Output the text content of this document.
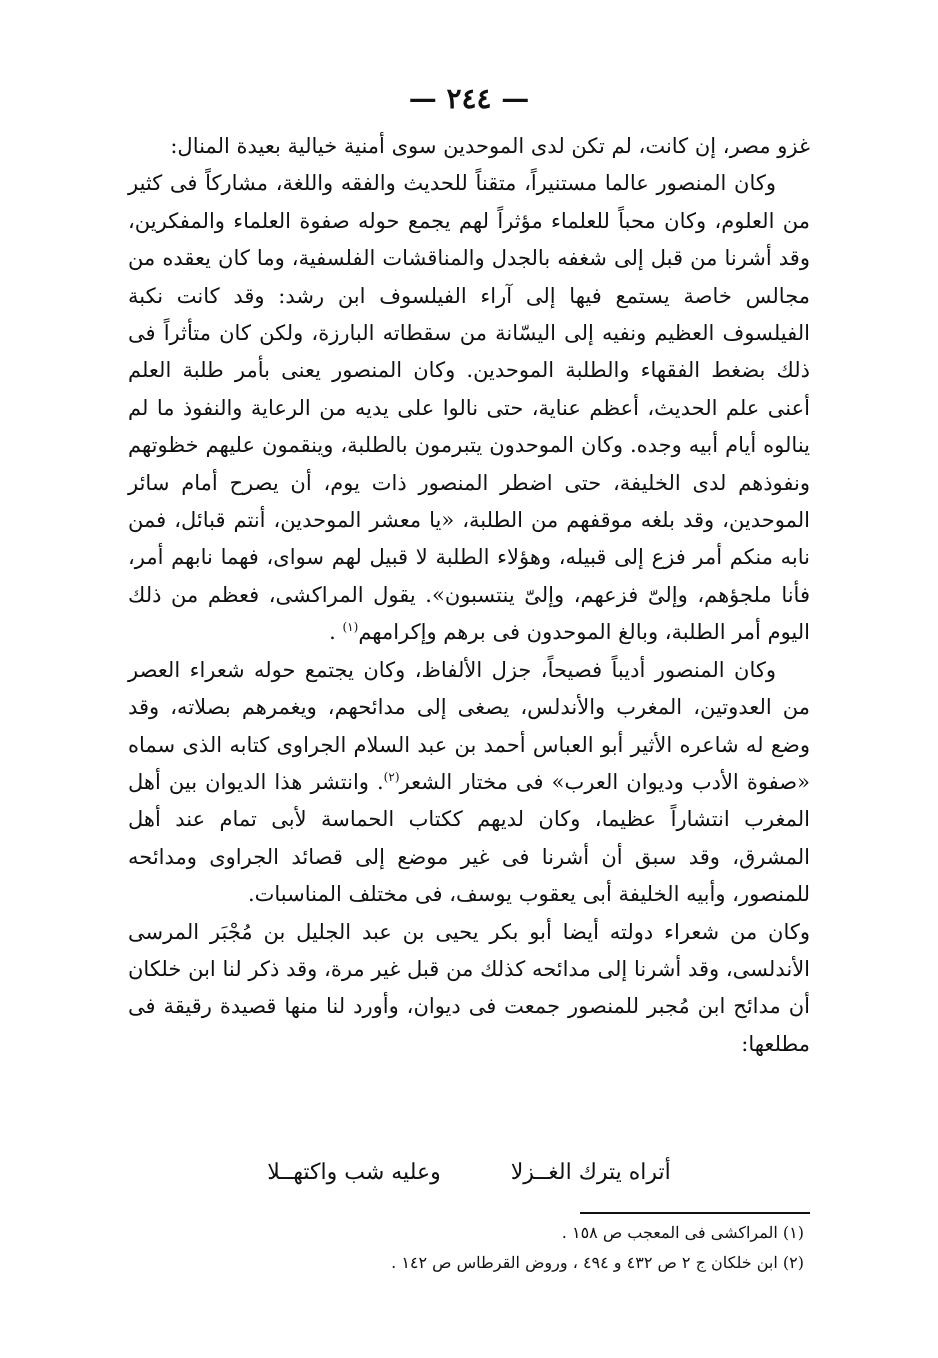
— ٢٤٤ —

غزو مصر، إن كانت، لم تكن لدى الموحدين سوى أمنية خيالية بعيدة المنال:

وكان المنصور عالما مستنيراً، متقناً للحديث والفقه واللغة، مشاركاً فى كثير من العلوم، وكان محباً للعلماء مؤثراً لهم يجمع حوله صفوة العلماء والمفكرين، وقد أشرنا من قبل إلى شغفه بالجدل والمناقشات الفلسفية، وما كان يعقده من مجالس خاصة يستمع فيها إلى آراء الفيلسوف ابن رشد: وقد كانت نكبة الفيلسوف العظيم ونفيه إلى اليسّانة من سقطاته البارزة، ولكن كان متأثراً فى ذلك بضغط الفقهاء والطلبة الموحدين. وكان المنصور يعنى بأمر طلبة العلم أعنى علم الحديث، أعظم عناية، حتى نالوا على يديه من الرعاية والنفوذ ما لم ينالوه أيام أبيه وجده. وكان الموحدون يتبرمون بالطلبة، وينقمون عليهم خظوتهم ونفوذهم لدى الخليفة، حتى اضطر المنصور ذات يوم، أن يصرح أمام سائر الموحدين، وقد بلغه موقفهم من الطلبة، «يا معشر الموحدين، أنتم قبائل، فمن نابه منكم أمر فزع إلى قبيله، وهؤلاء الطلبة لا قبيل لهم سواى، فهما نابهم أمر، فأنا ملجؤهم، وإلىّ فزعهم، وإلىّ ينتسبون». يقول المراكشى، فعظم من ذلك اليوم أمر الطلبة، وبالغ الموحدون فى برهم وإكرامهم$^{(١)}$ .

وكان المنصور أديباً فصيحاً، جزل الألفاظ، وكان يجتمع حوله شعراء العصر من العدوتين، المغرب والأندلس، يصغى إلى مدائحهم، ويغمرهم بصلاته، وقد وضع له شاعره الأثير أبو العباس أحمد بن عبد السلام الجراوى كتابه الذى سماه «صفوة الأدب وديوان العرب» فى مختار الشعر$^{(٢)}$. وانتشر هذا الديوان بين أهل المغرب انتشاراً عظيما، وكان لديهم ككتاب الحماسة لأبى تمام عند أهل المشرق، وقد سبق أن أشرنا فى غير موضع إلى قصائد الجراوى ومدائحه للمنصور، وأبيه الخليفة أبى يعقوب يوسف، فى مختلف المناسبات.

وكان من شعراء دولته أيضا أبو بكر يحيى بن عبد الجليل بن مُجْبَر المرسى الأندلسى، وقد أشرنا إلى مدائحه كذلك من قبل غير مرة، وقد ذكر لنا ابن خلكان أن مدائح ابن مُجبر للمنصور جمعت فى ديوان، وأورد لنا منها قصيدة رقيقة فى مطلعها:

أتراه يترك الغــزلا
وعليه شب واكتهــلا

(١) المراكشى فى المعجب ص ١٥٨ .

(٢) ابن خلكان ج ٢ ص ٤٣٢ و ٤٩٤ ، وروض القرطاس ص ١٤٢ .
